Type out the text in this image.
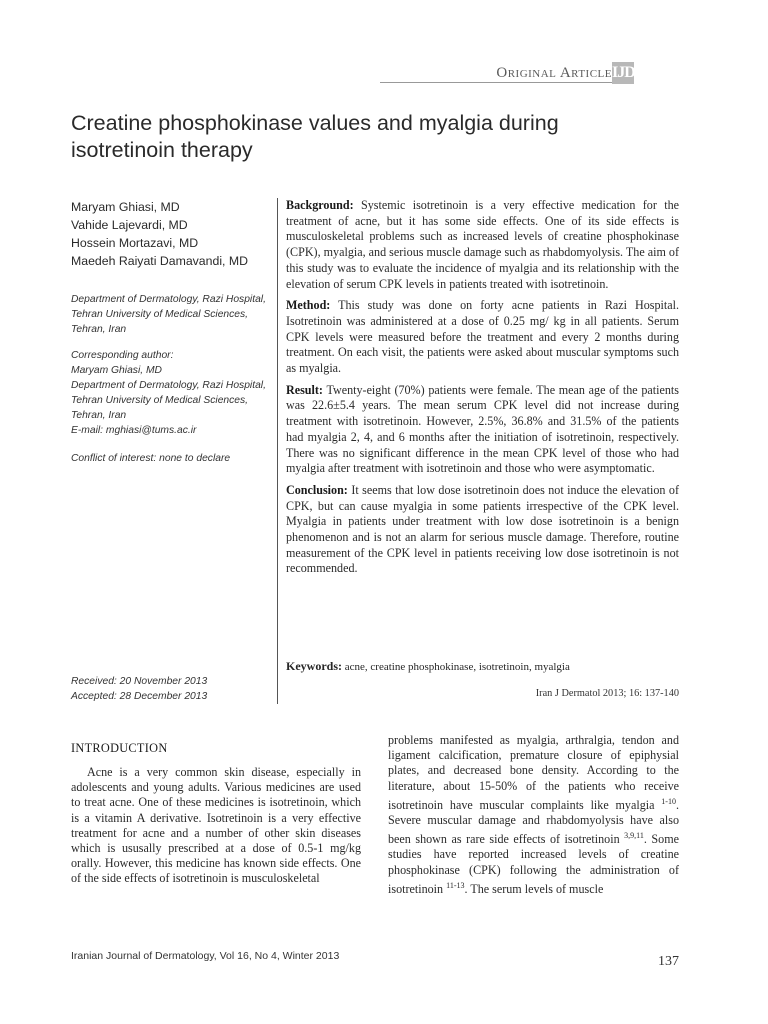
Original Article IJD
Creatine phosphokinase values and myalgia during isotretinoin therapy
Maryam Ghiasi, MD
Vahide Lajevardi, MD
Hossein Mortazavi, MD
Maedeh Raiyati Damavandi, MD
Department of Dermatology, Razi Hospital, Tehran University of Medical Sciences, Tehran, Iran
Corresponding author:
Maryam Ghiasi, MD
Department of Dermatology, Razi Hospital, Tehran University of Medical Sciences, Tehran, Iran
E-mail: mghiasi@tums.ac.ir
Conflict of interest: none to declare
Received: 20 November 2013
Accepted: 28 December 2013

Background: Systemic isotretinoin is a very effective medication for the treatment of acne, but it has some side effects. One of its side effects is musculoskeletal problems such as increased levels of creatine phosphokinase (CPK), myalgia, and serious muscle damage such as rhabdomyolysis. The aim of this study was to evaluate the incidence of myalgia and its relationship with the elevation of serum CPK levels in patients treated with isotretinoin.

Method: This study was done on forty acne patients in Razi Hospital. Isotretinoin was administered at a dose of 0.25 mg/ kg in all patients. Serum CPK levels were measured before the treatment and every 2 months during treatment. On each visit, the patients were asked about muscular symptoms such as myalgia.

Result: Twenty-eight (70%) patients were female. The mean age of the patients was 22.6±5.4 years. The mean serum CPK level did not increase during treatment with isotretinoin. However, 2.5%, 36.8% and 31.5% of the patients had myalgia 2, 4, and 6 months after the initiation of isotretinoin, respectively. There was no significant difference in the mean CPK level of those who had myalgia after treatment with isotretinoin and those who were asymptomatic.

Conclusion: It seems that low dose isotretinoin does not induce the elevation of CPK, but can cause myalgia in some patients irrespective of the CPK level. Myalgia in patients under treatment with low dose isotretinoin is a benign phenomenon and is not an alarm for serious muscle damage. Therefore, routine measurement of the CPK level in patients receiving low dose isotretinoin is not recommended.

Keywords: acne, creatine phosphokinase, isotretinoin, myalgia
Iran J Dermatol 2013; 16: 137-140
INTRODUCTION

Acne is a very common skin disease, especially in adolescents and young adults. Various medicines are used to treat acne. One of these medicines is isotretinoin, which is a vitamin A derivative. Isotretinoin is a very effective treatment for acne and a number of other skin diseases which is ususally prescribed at a dose of 0.5-1 mg/kg orally. However, this medicine has known side effects. One of the side effects of isotretinoin is musculoskeletal

problems manifested as myalgia, arthralgia, tendon and ligament calcification, premature closure of epiphysial plates, and decreased bone density. According to the literature, about 15-50% of the patients who receive isotretinoin have muscular complaints like myalgia $^{1-10}$. Severe muscular damage and rhabdomyolysis have also been shown as rare side effects of isotretinoin $^{3,9,11}$. Some studies have reported increased levels of creatine phosphokinase (CPK) following the administration of isotretinoin $^{11-13}$. The serum levels of muscle

Iranian Journal of Dermatology, Vol 16, No 4, Winter 2013	137
